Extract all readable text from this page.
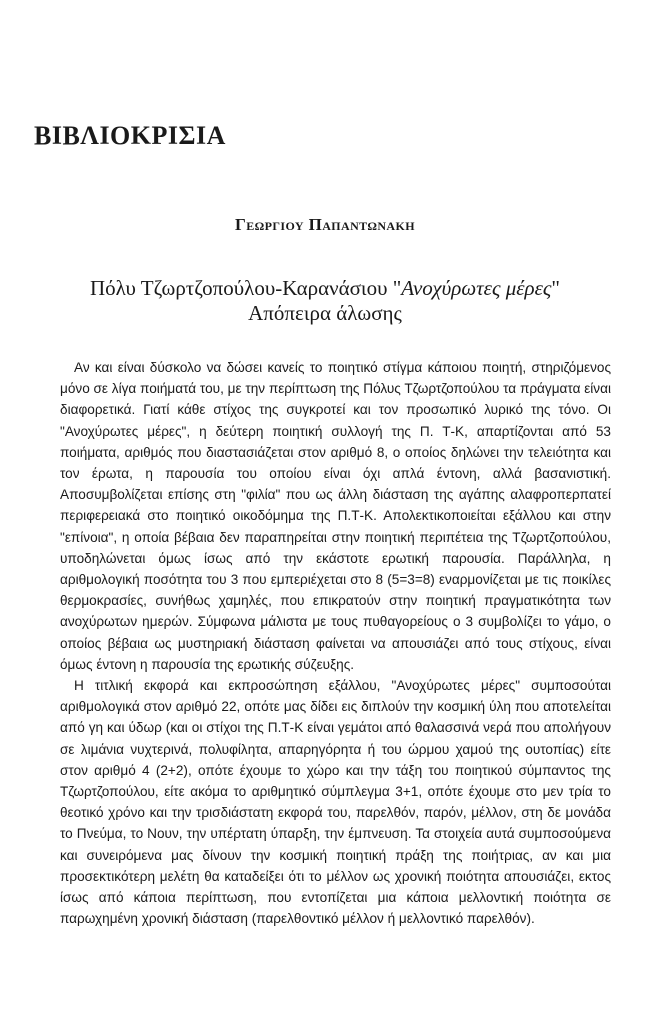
ΒΙΒΛΙΟΚΡΙΣΙΑ
Γεωργιου Παπαντωνακη
Πόλυ Τζωρτζοπούλου-Καρανάσιου "Ανοχύρωτες μέρες"
Απόπειρα άλωσης

Αν και είναι δύσκολο να δώσει κανείς το ποιητικό στίγμα κάποιου ποιητή, στηριζόμενος μόνο σε λίγα ποιήματά του, με την περίπτωση της Πόλυς Τζωρτζοπούλου τα πράγματα είναι διαφορετικά. Γιατί κάθε στίχος της συγκροτεί και τον προσωπικό λυρικό της τόνο. Οι "Ανοχύρωτες μέρες", η δεύτερη ποιητική συλλογή της Π. Τ-Κ, απαρτίζονται από 53 ποιήματα, αριθμός που διαστασιάζεται στον αριθμό 8, ο οποίος δηλώνει την τελειότητα και τον έρωτα, η παρουσία του οποίου είναι όχι απλά έντονη, αλλά βασανιστική. Αποσυμβολίζεται επίσης στη "φιλία" που ως άλλη διάσταση της αγάπης αλαφροπερπατεί περιφερειακά στο ποιητικό οικοδόμημα της Π.Τ-Κ. Απολεκτικοποιείται εξάλλου και στην "επίνοια", η οποία βέβαια δεν παραπηρείται στην ποιητική περιπέτεια της Τζωρτζοπούλου, υποδηλώνεται όμως ίσως από την εκάστοτε ερωτική παρουσία. Παράλληλα, η αριθμολογική ποσότητα του 3 που εμπεριέχεται στο 8 (5=3=8) εναρμονίζεται με τις ποικίλες θερμοκρασίες, συνήθως χαμηλές, που επικρατούν στην ποιητική πραγματικότητα των ανοχύρωτων ημερών. Σύμφωνα μάλιστα με τους πυθαγορείους ο 3 συμβολίζει το γάμο, ο οποίος βέβαια ως μυστηριακή διάσταση φαίνεται να απουσιάζει από τους στίχους, είναι όμως έντονη η παρουσία της ερωτικής σύζευξης.

Η τιτλική εκφορά και εκπροσώπηση εξάλλου, "Ανοχύρωτες μέρες" συμποσούται αριθμολογικά στον αριθμό 22, οπότε μας δίδει εις διπλούν την κοσμική ύλη που αποτελείται από γη και ύδωρ (και οι στίχοι της Π.Τ-Κ είναι γεμάτοι από θαλασσινά νερά που απολήγουν σε λιμάνια νυχτερινά, πολυφίλητα, απαρηγόρητα ή του ώρμου χαμού της ουτοπίας) είτε στον αριθμό 4 (2+2), οπότε έχουμε το χώρο και την τάξη του ποιητικού σύμπαντος της Τζωρτζοπούλου, είτε ακόμα το αριθμητικό σύμπλεγμα 3+1, οπότε έχουμε στο μεν τρία το θεοτικό χρόνο και την τρισδιάστατη εκφορά του, παρελθόν, παρόν, μέλλον, στη δε μονάδα το Πνεύμα, το Νουν, την υπέρτατη ύπαρξη, την έμπνευση. Τα στοιχεία αυτά συμποσούμενα και συνειρόμενα μας δίνουν την κοσμική ποιητική πράξη της ποιήτριας, αν και μια προσεκτικότερη μελέτη θα καταδείξει ότι το μέλλον ως χρονική ποιότητα απουσιάζει, εκτος ίσως από κάποια περίπτωση, που εντοπίζεται μια κάποια μελλοντική ποιότητα σε παρωχημένη χρονική διάσταση (παρελθοντικό μέλλον ή μελλοντικό παρελθόν).
